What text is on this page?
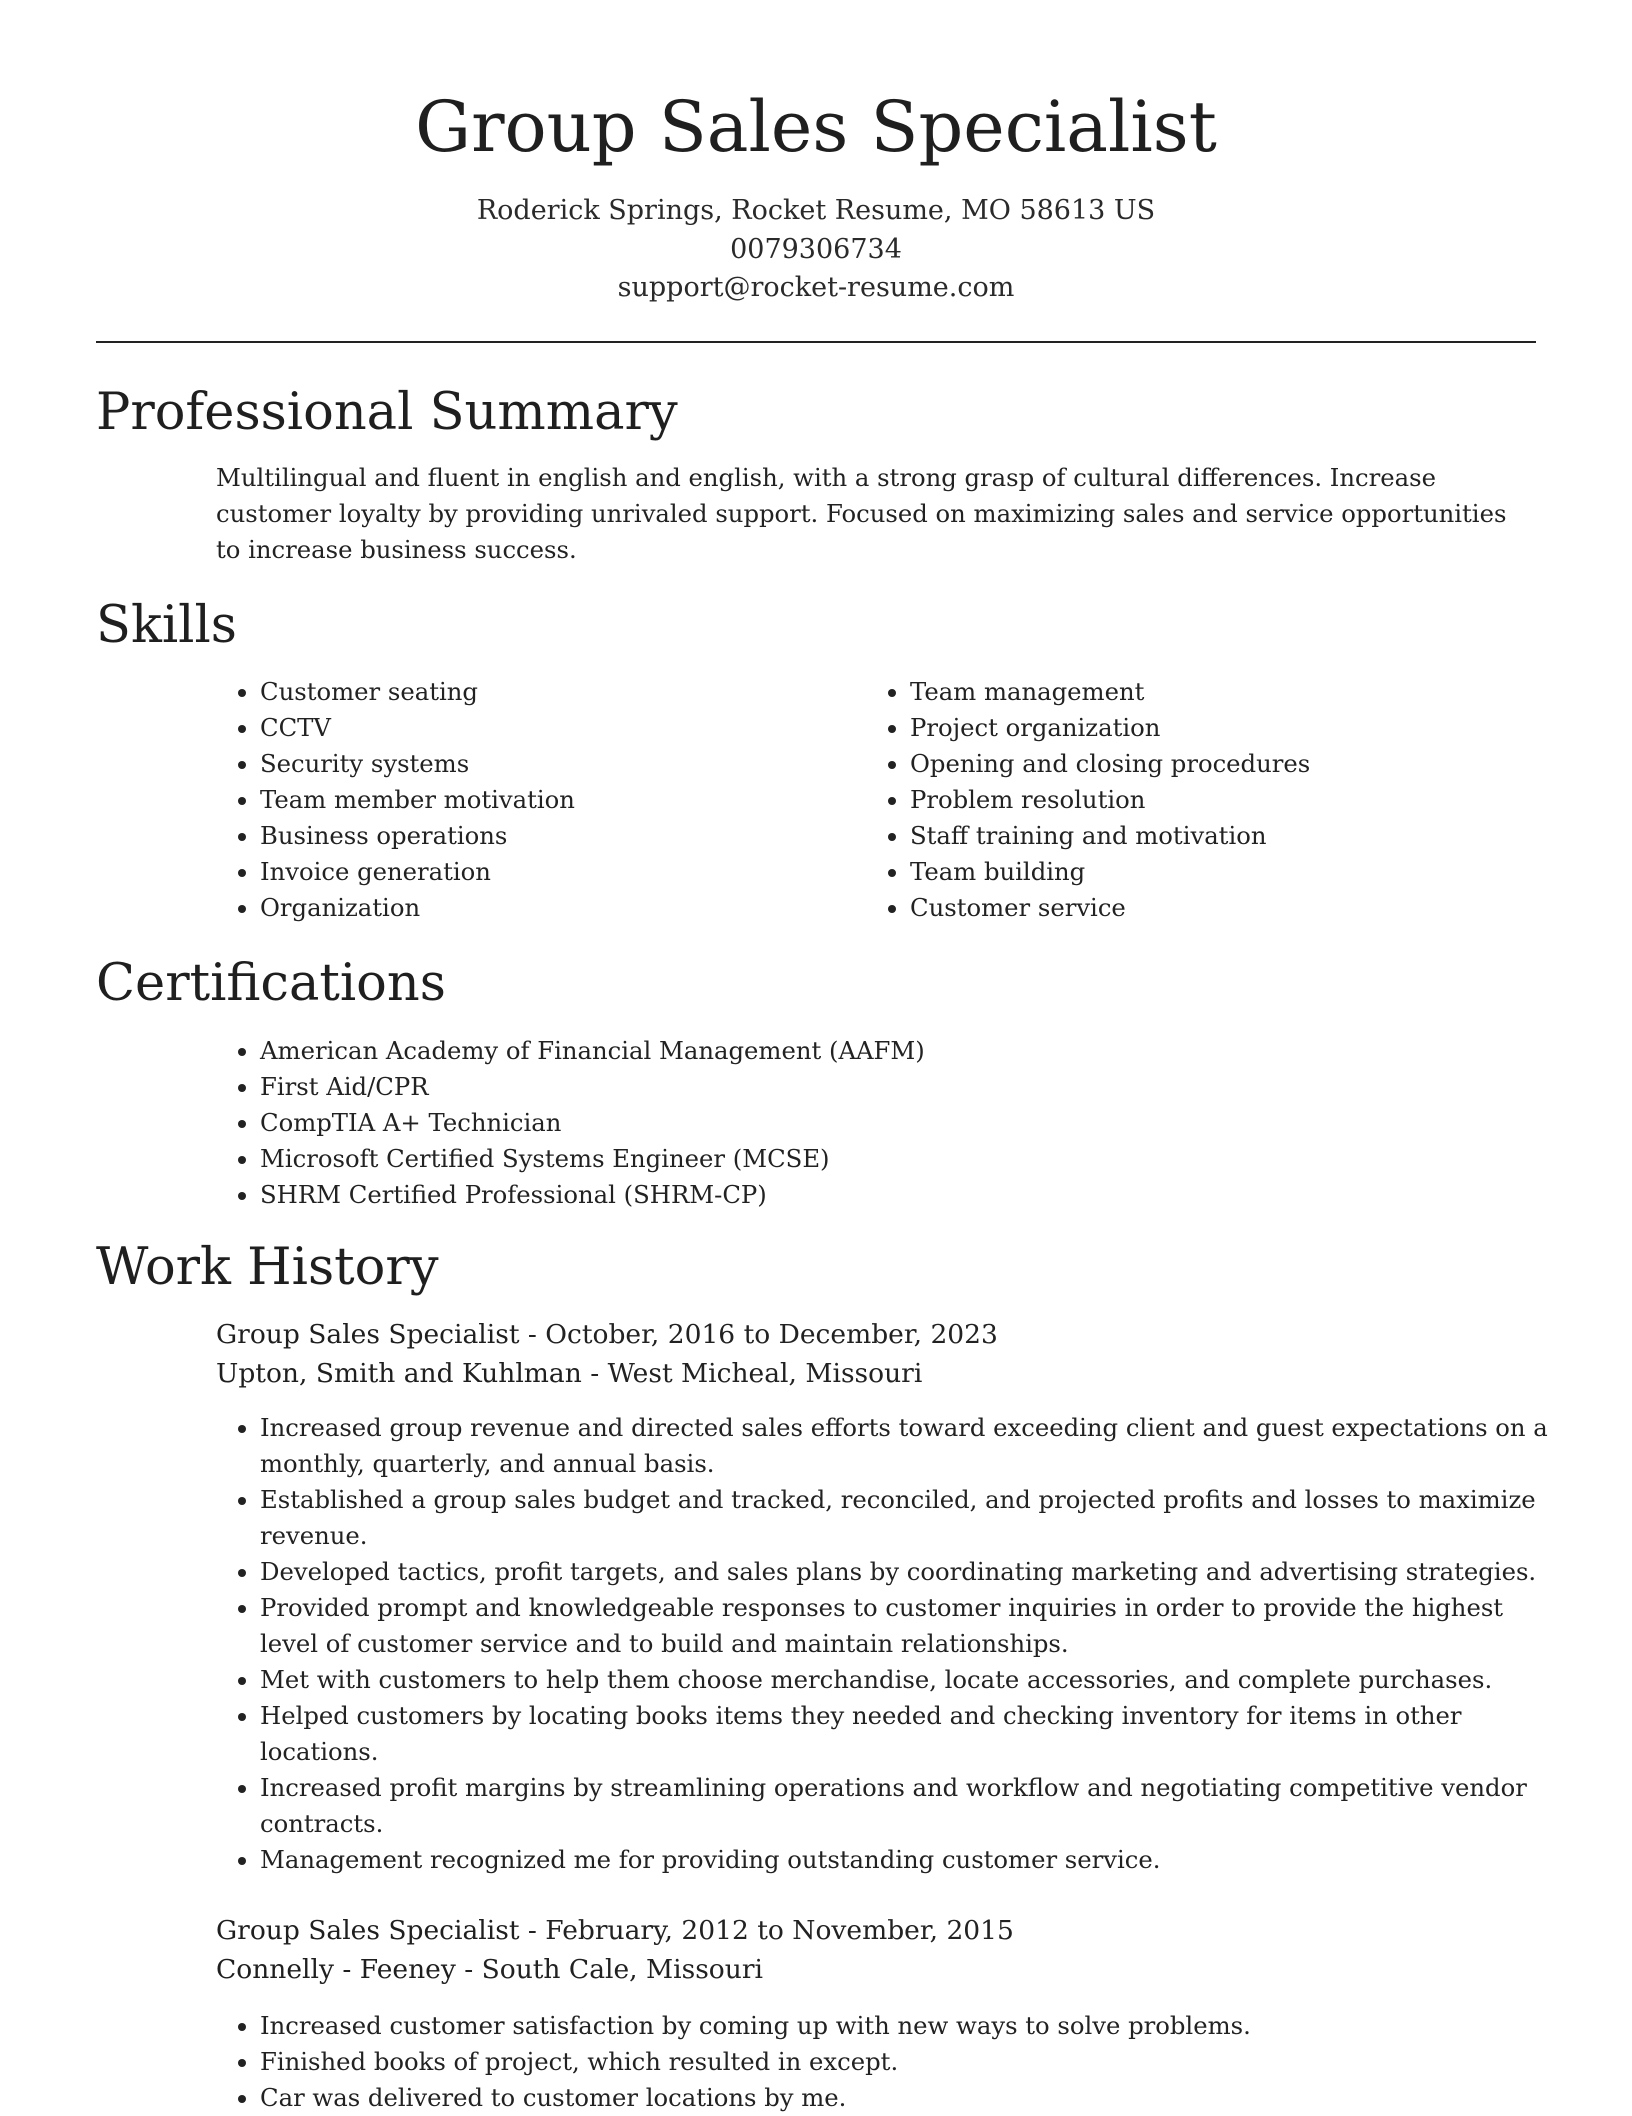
Group Sales Specialist
Roderick Springs, Rocket Resume, MO 58613 US
0079306734
support@rocket-resume.com
Professional Summary

Multilingual and fluent in english and english, with a strong grasp of cultural differences. Increase customer loyalty by providing unrivaled support. Focused on maximizing sales and service opportunities to increase business success.

Skills
• Customer seating
• CCTV
• Security systems
• Team member motivation
• Business operations
• Invoice generation
• Organization
• Team management
• Project organization
• Opening and closing procedures
• Problem resolution
• Staff training and motivation
• Team building
• Customer service
Certifications
• American Academy of Financial Management (AAFM)
• First Aid/CPR
• CompTIA A+ Technician
• Microsoft Certified Systems Engineer (MCSE)
• SHRM Certified Professional (SHRM-CP)
Work History
Group Sales Specialist - October, 2016 to December, 2023
Upton, Smith and Kuhlman - West Micheal, Missouri
• Increased group revenue and directed sales efforts toward exceeding client and guest expectations on a monthly, quarterly, and annual basis.
• Established a group sales budget and tracked, reconciled, and projected profits and losses to maximize revenue.
• Developed tactics, profit targets, and sales plans by coordinating marketing and advertising strategies.
• Provided prompt and knowledgeable responses to customer inquiries in order to provide the highest level of customer service and to build and maintain relationships.
• Met with customers to help them choose merchandise, locate accessories, and complete purchases.
• Helped customers by locating books items they needed and checking inventory for items in other locations.
• Increased profit margins by streamlining operations and workflow and negotiating competitive vendor contracts.
• Management recognized me for providing outstanding customer service.
Group Sales Specialist - February, 2012 to November, 2015
Connelly - Feeney - South Cale, Missouri
• Increased customer satisfaction by coming up with new ways to solve problems.
• Finished books of project, which resulted in except.
• Car was delivered to customer locations by me.
